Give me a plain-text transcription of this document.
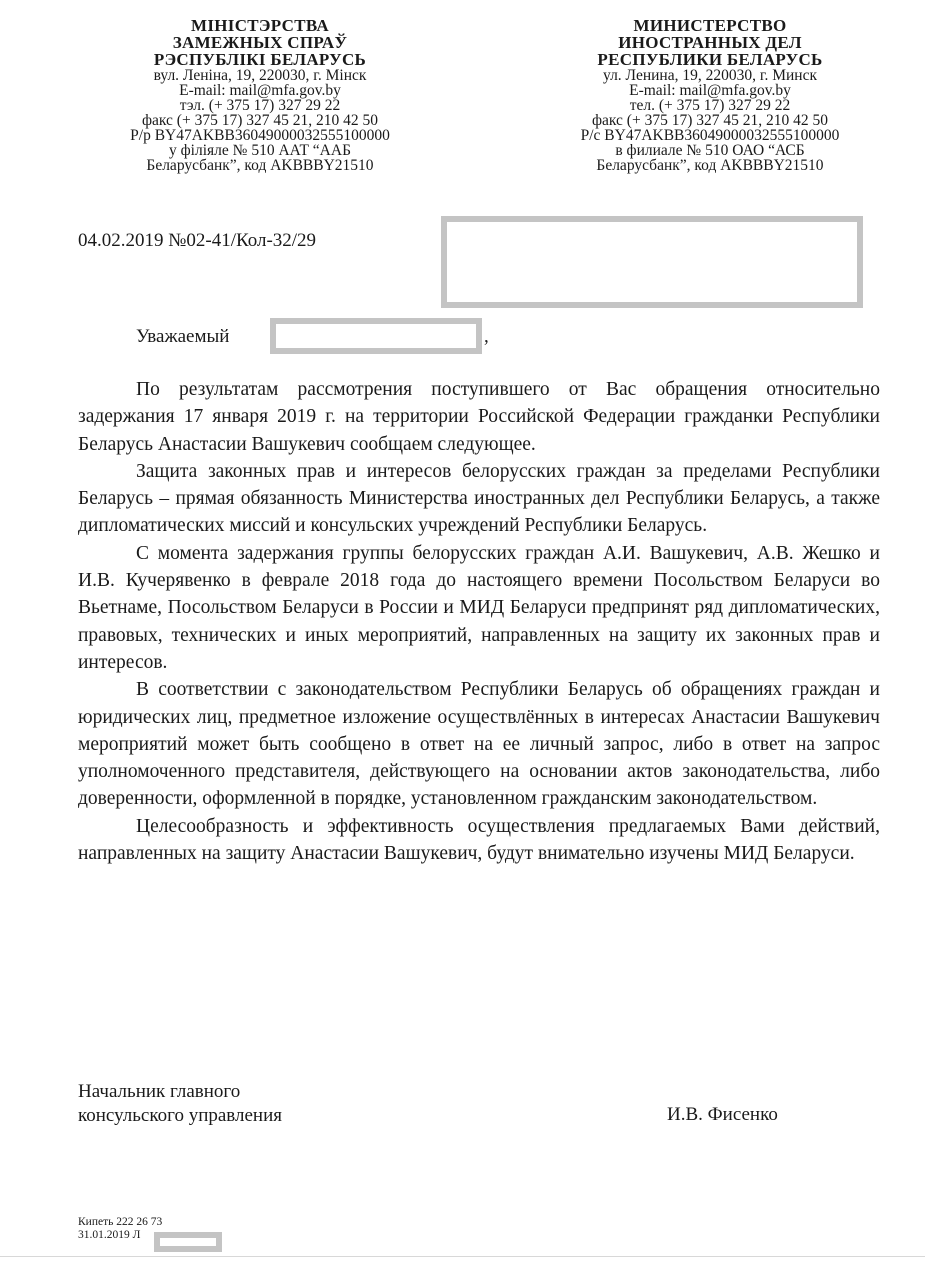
МІНІСТЭРСТВА
ЗАМЕЖНЫХ СПРАЎ
РЭСПУБЛІКІ БЕЛАРУСЬ
вул. Леніна, 19, 220030, г. Мінск
E-mail: mail@mfa.gov.by
тэл. (+ 375 17) 327 29 22
факс (+ 375 17) 327 45 21, 210 42 50
Р/р BY47AKBB36049000032555100000
у філіяле № 510 ААТ “ААБ
Беларусбанк”, код AKBBBY21510
МИНИСТЕРСТВО
ИНОСТРАННЫХ ДЕЛ
РЕСПУБЛИКИ БЕЛАРУСЬ
ул. Ленина, 19, 220030, г. Минск
E-mail: mail@mfa.gov.by
тел. (+ 375 17) 327 29 22
факс (+ 375 17) 327 45 21, 210 42 50
Р/с BY47AKBB36049000032555100000
в филиале № 510 ОАО “АСБ
Беларусбанк”, код AKBBBY21510
04.02.2019 №02-41/Кол-32/29
Уважаемый	,

По результатам рассмотрения поступившего от Вас обращения относительно задержания 17 января 2019 г. на территории Российской Федерации гражданки Республики Беларусь Анастасии Вашукевич сообщаем следующее.

Защита законных прав и интересов белорусских граждан за пределами Республики Беларусь – прямая обязанность Министерства иностранных дел Республики Беларусь, а также дипломатических миссий и консульских учреждений Республики Беларусь.

С момента задержания группы белорусских граждан А.И. Вашукевич, А.В. Жешко и И.В. Кучерявенко в феврале 2018 года до настоящего времени Посольством Беларуси во Вьетнаме, Посольством Беларуси в России и МИД Беларуси предпринят ряд дипломатических, правовых, технических и иных мероприятий, направленных на защиту их законных прав и интересов.

В соответствии с законодательством Республики Беларусь об обращениях граждан и юридических лиц, предметное изложение осуществлённых в интересах Анастасии Вашукевич мероприятий может быть сообщено в ответ на ее личный запрос, либо в ответ на запрос уполномоченного представителя, действующего на основании актов законодательства, либо доверенности, оформленной в порядке, установленном гражданским законодательством.

Целесообразность и эффективность осуществления предлагаемых Вами действий, направленных на защиту Анастасии Вашукевич, будут внимательно изучены МИД Беларуси.

Начальник главного
консульского управления	И.В. Фисенко
Кипеть 222 26 73
31.01.2019 Л
